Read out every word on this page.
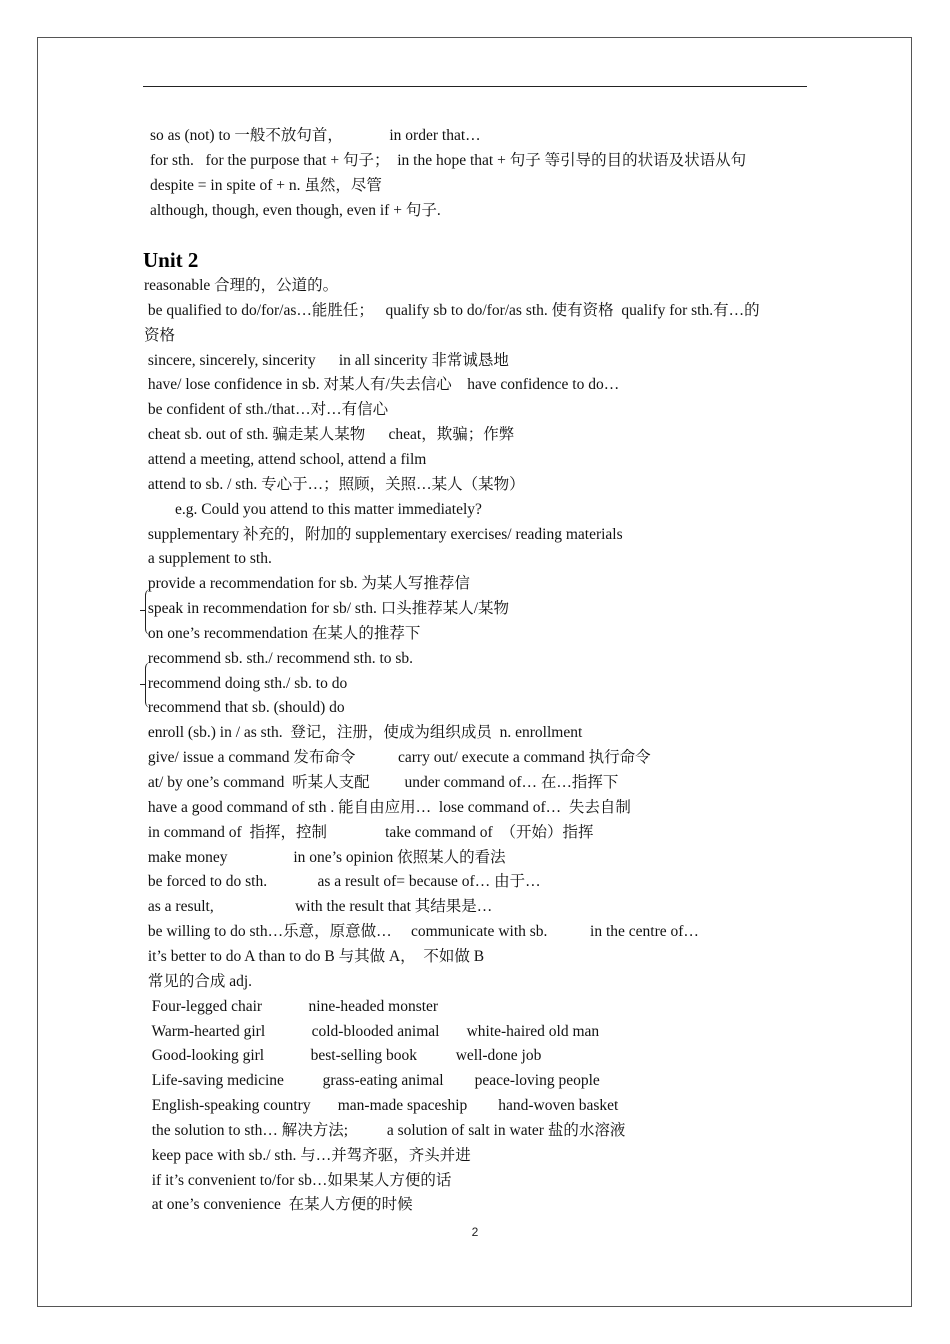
so as (not) to 一般不放句首，            in order that…
for sth.   for the purpose that + 句子；  in the hope that + 句子 等引导的目的状语及状语从句
despite = in spite of + n. 虽然，尽管
although, though, even though, even if + 句子.
Unit 2
reasonable 合理的，公道的。
be qualified to do/for/as…能胜任；   qualify sb to do/for/as sth. 使有资格  qualify for sth.有…的
资格
sincere, sincerely, sincerity      in all sincerity 非常诚恳地
have/ lose confidence in sb. 对某人有/失去信心    have confidence to do…
be confident of sth./that…对…有信心
cheat sb. out of sth. 骗走某人某物      cheat，欺骗；作弊
attend a meeting, attend school, attend a film
attend to sb. / sth. 专心于…；照顾，关照…某人（某物）
e.g. Could you attend to this matter immediately?
supplementary 补充的，附加的 supplementary exercises/ reading materials
a supplement to sth.
provide a recommendation for sb. 为某人写推荐信
speak in recommendation for sb/ sth. 口头推荐某人/某物
on one’s recommendation 在某人的推荐下
recommend sb. sth./ recommend sth. to sb.
recommend doing sth./ sb. to do
recommend that sb. (should) do
enroll (sb.) in / as sth.  登记，注册，使成为组织成员  n. enrollment
give/ issue a command 发布命令           carry out/ execute a command 执行命令
at/ by one’s command  听某人支配         under command of… 在…指挥下
have a good command of sth . 能自由应用…  lose command of…  失去自制
in command of  指挥，控制               take command of  （开始）指挥
make money                 in one’s opinion 依照某人的看法
be forced to do sth.             as a result of= because of… 由于…
as a result,                     with the result that 其结果是…
be willing to do sth…乐意，原意做…     communicate with sb.           in the centre of…
it’s better to do A than to do B 与其做 A，  不如做 B
常见的合成 adj.
Four-legged chair            nine-headed monster
Warm-hearted girl            cold-blooded animal       white-haired old man
Good-looking girl            best-selling book          well-done job
Life-saving medicine          grass-eating animal        peace-loving people
English-speaking country       man-made spaceship        hand-woven basket
the solution to sth… 解决方法;          a solution of salt in water 盐的水溶液
keep pace with sb./ sth. 与…并驾齐驱，齐头并进
if it’s convenient to/for sb…如果某人方便的话
at one’s convenience  在某人方便的时候
2
